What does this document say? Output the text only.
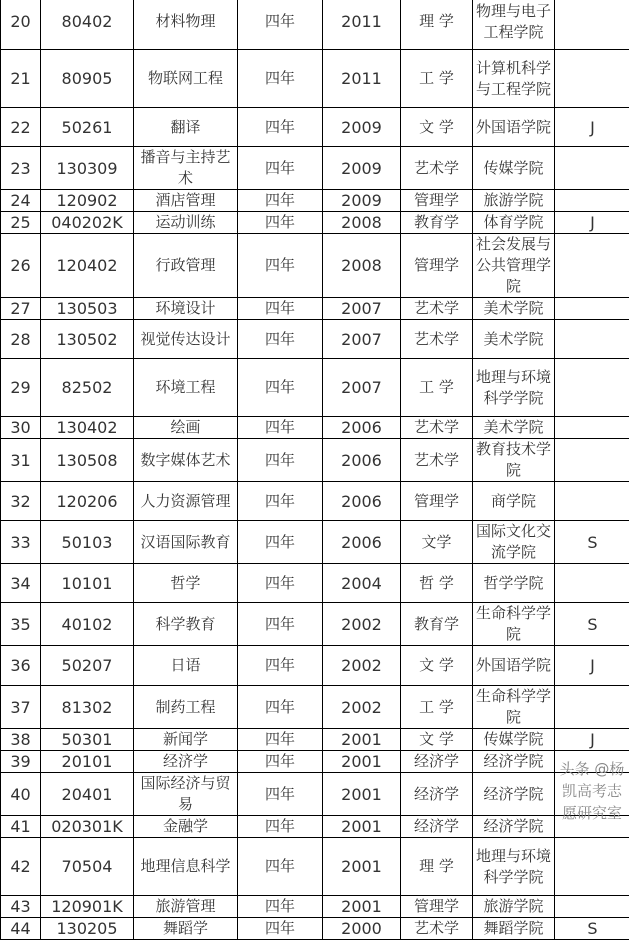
20	80402	材料物理	四年	2011	理 学	物理与电子工程学院	
21	80905	物联网工程	四年	2011	工 学	计算机科学与工程学院	
22	50261	翻译	四年	2009	文 学	外国语学院	J
23	130309	播音与主持艺术	四年	2009	艺术学	传媒学院	
24	120902	酒店管理	四年	2009	管理学	旅游学院	
25	040202K	运动训练	四年	2008	教育学	体育学院	J
26	120402	行政管理	四年	2008	管理学	社会发展与公共管理学院	
27	130503	环境设计	四年	2007	艺术学	美术学院	
28	130502	视觉传达设计	四年	2007	艺术学	美术学院	
29	82502	环境工程	四年	2007	工 学	地理与环境科学学院	
30	130402	绘画	四年	2006	艺术学	美术学院	
31	130508	数字媒体艺术	四年	2006	艺术学	教育技术学院	
32	120206	人力资源管理	四年	2006	管理学	商学院	
33	50103	汉语国际教育	四年	2006	文学	国际文化交流学院	S
34	10101	哲学	四年	2004	哲 学	哲学学院	
35	40102	科学教育	四年	2002	教育学	生命科学学院	S
36	50207	日语	四年	2002	文 学	外国语学院	J
37	81302	制药工程	四年	2002	工 学	生命科学学院	
38	50301	新闻学	四年	2001	文 学	传媒学院	J
39	20101	经济学	四年	2001	经济学	经济学院	
40	20401	国际经济与贸易	四年	2001	经济学	经济学院	
41	020301K	金融学	四年	2001	经济学	经济学院	
42	70504	地理信息科学	四年	2001	理 学	地理与环境科学学院	
43	120901K	旅游管理	四年	2001	管理学	旅游学院	
44	130205	舞蹈学	四年	2000	艺术学	舞蹈学院	S
头条 @杨凯高考志愿研究室
